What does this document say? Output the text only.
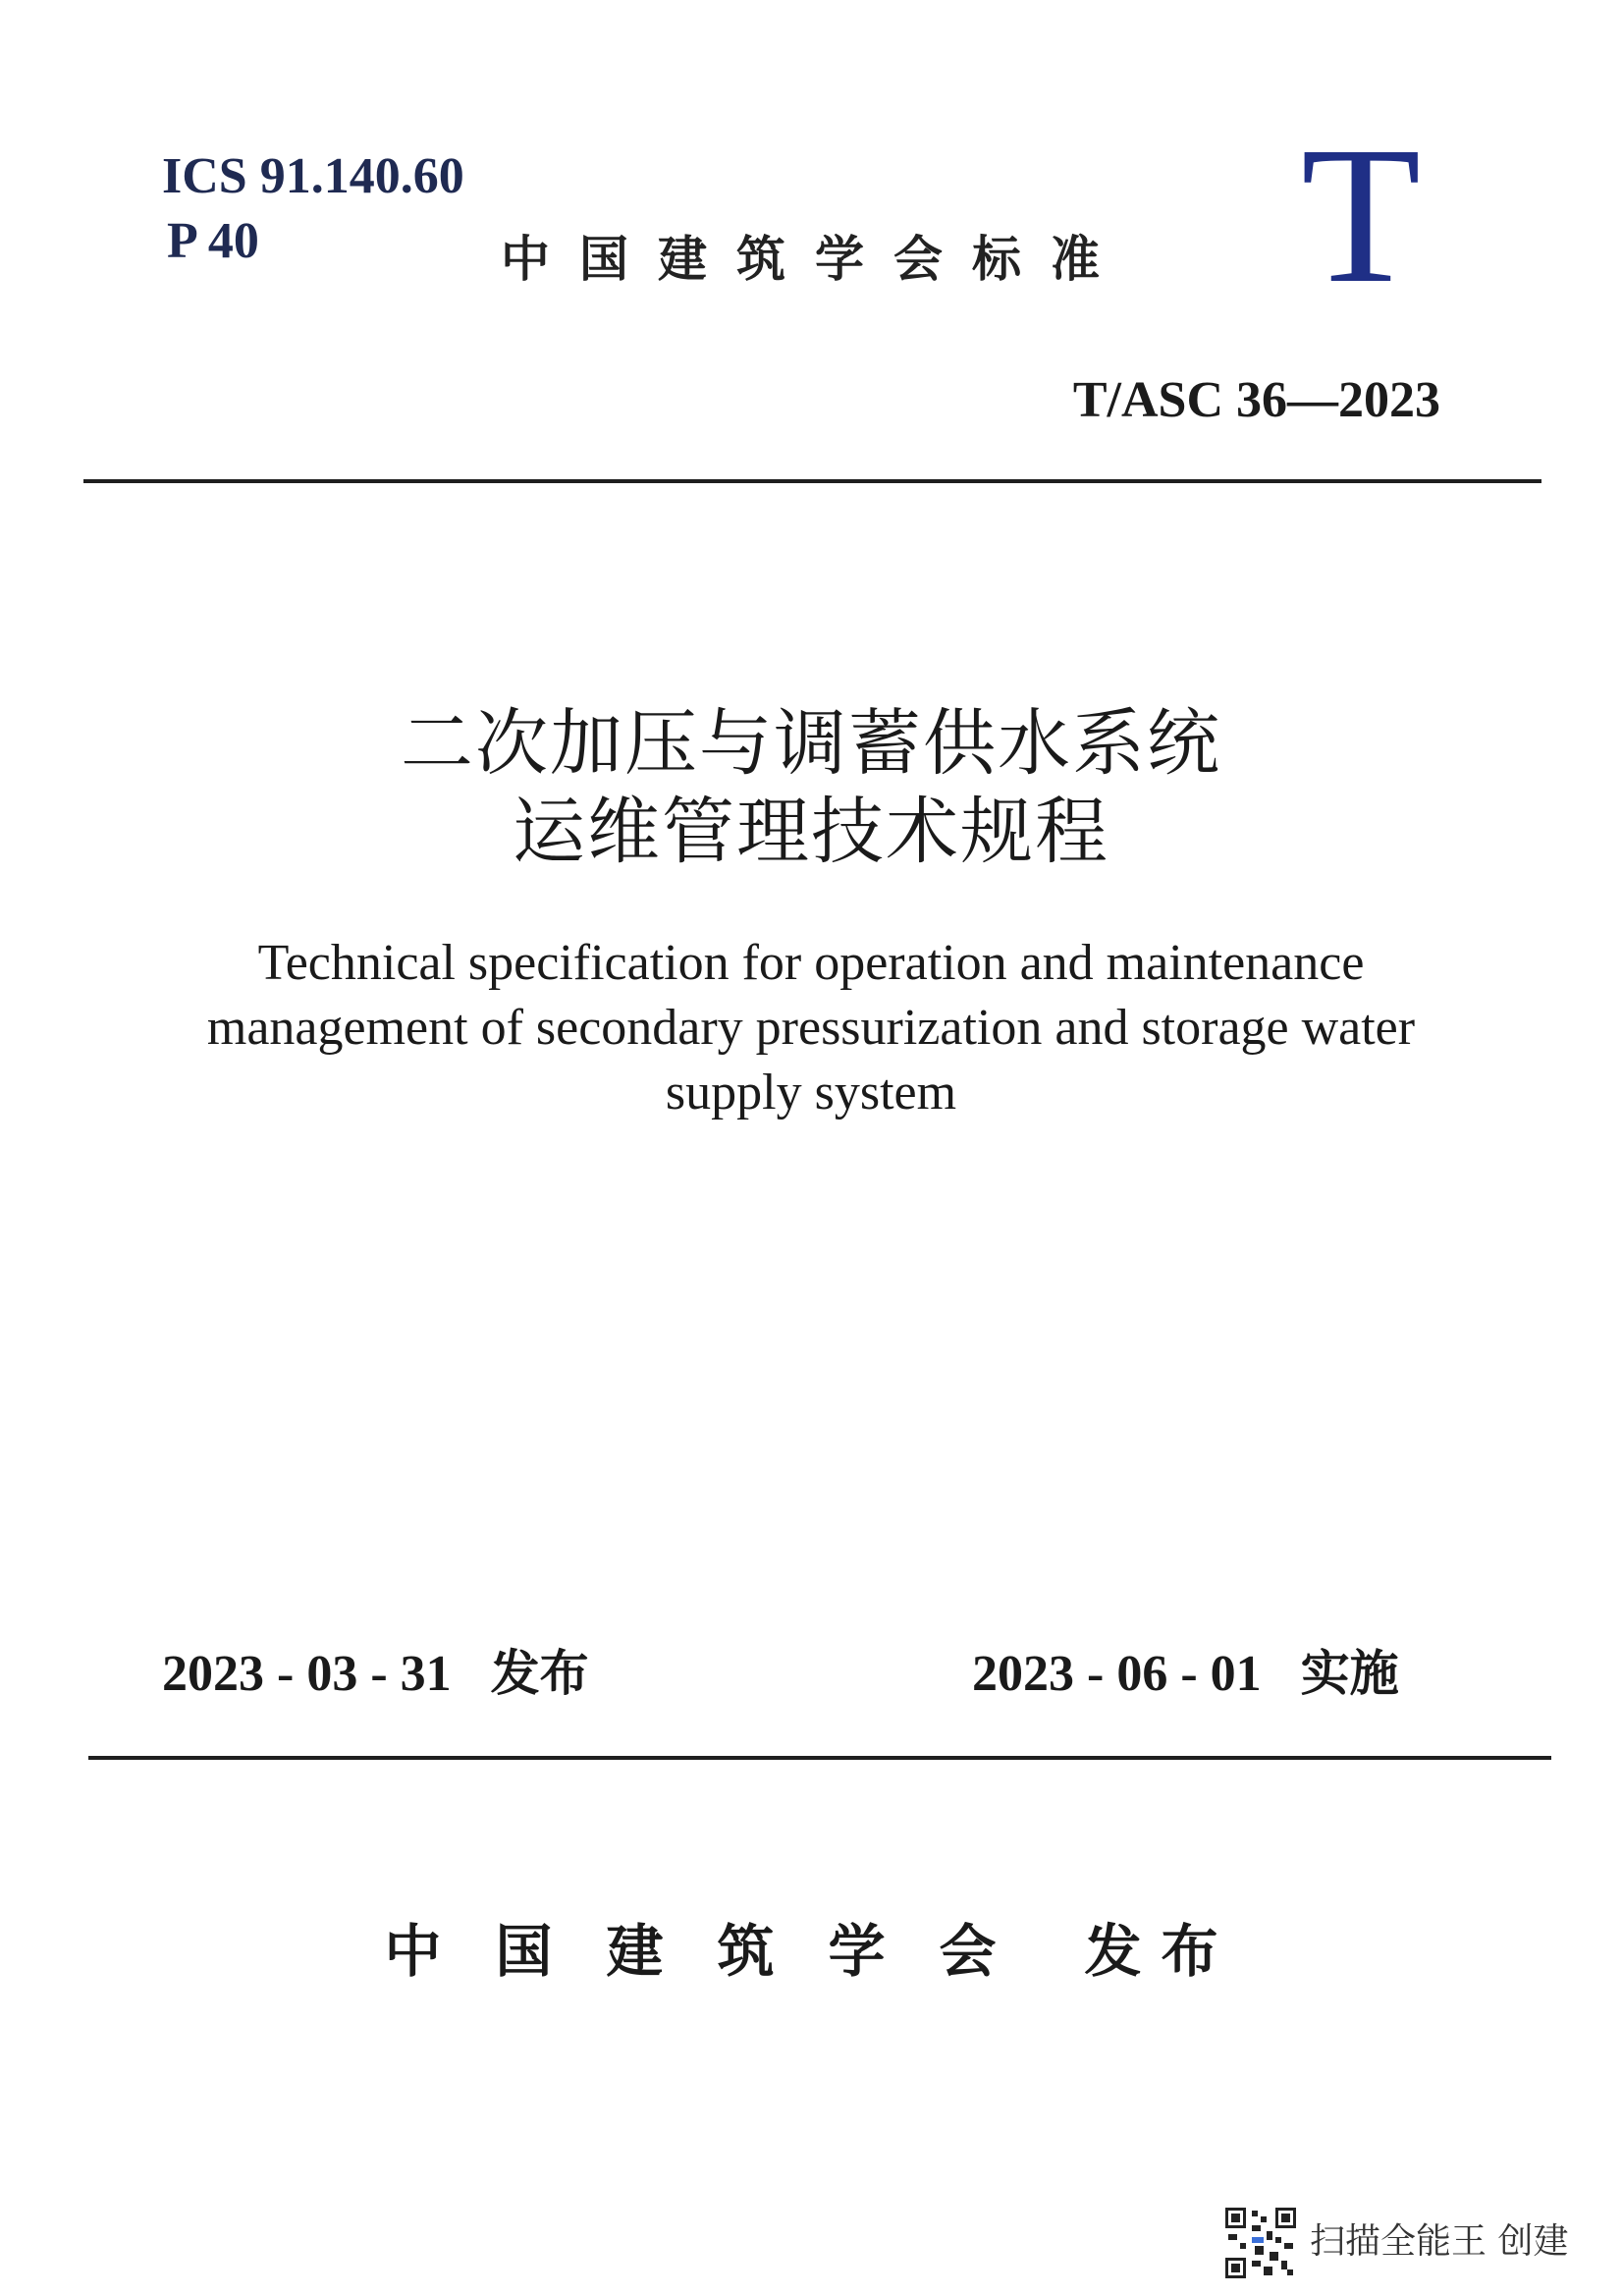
ICS 91.140.60
P 40	中国建筑学会标准 T
T/ASC 36—2023
二次加压与调蓄供水系统
运维管理技术规程
Technical specification for operation and maintenance
management of secondary pressurization and storage water
supply system
2023 - 03 - 31 发布	2023 - 06 - 01 实施
中国建筑学会 发布
扫描全能王 创建
